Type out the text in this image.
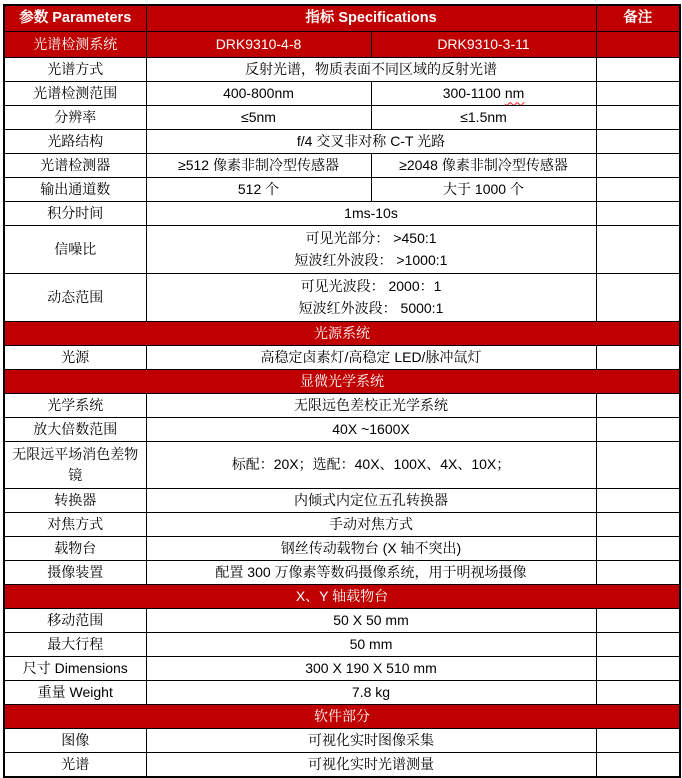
参数 Parameters	指标 Specifications		备注
光谱检测系统	DRK9310-4-8	DRK9310-3-11	
光谱方式	反射光谱，物质表面不同区域的反射光谱		
光谱检测范围	400-800nm	300-1100 nm	
分辨率	≤5nm	≤1.5nm	
光路结构	f/4 交叉非对称 C-T 光路		
光谱检测器	≥512 像素非制冷型传感器	≥2048 像素非制冷型传感器	
输出通道数	512 个	大于 1000 个	
积分时间	1ms-10s		
信噪比	可见光部分： >450:1
短波红外波段： >1000:1		

动态范围	可见光波段： 2000：1
短波红外波段： 5000:1		

光源系统			
光源	高稳定卤素灯/高稳定 LED/脉冲氙灯		
显微光学系统			
光学系统	无限远色差校正光学系统		
放大倍数范围	40X ~1600X		
无限远平场消色差物镜	标配：20X；选配：40X、100X、4X、10X；		
转换器	内倾式内定位五孔转换器		
对焦方式	手动对焦方式		
载物台	钢丝传动载物台 (X 轴不突出)		
摄像装置	配置 300 万像素等数码摄像系统，用于明视场摄像		
X、Y 轴载物台			
移动范围	50 X 50 mm		
最大行程	50 mm		
尺寸 Dimensions	300 X 190 X 510 mm		
重量 Weight	7.8 kg		
软件部分			
图像	可视化实时图像采集		
光谱	可视化实时光谱测量		
